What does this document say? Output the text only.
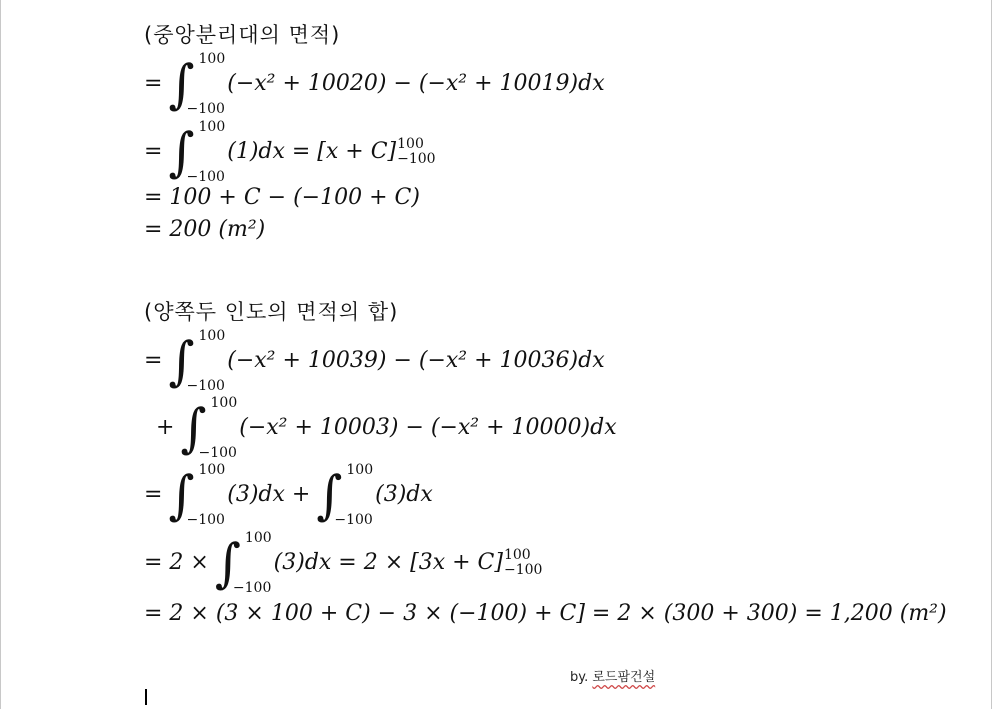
(중앙분리대의 면적)
= ∫ 100
−100
(−x² + 10020) − (−x² + 10019)dx
= ∫ 100
−100
(1)dx = [x + C] 100
−100
= 100 + C − (−100 + C)
= 200 (m²)
(양쪽두 인도의 면적의 합)
= ∫ 100
−100
(−x² + 10039) − (−x² + 10036)dx
+ ∫ 100
−100
(−x² + 10003) − (−x² + 10000)dx
= ∫ 100
−100
(3)dx + ∫ 100
−100
(3)dx
= 2 × ∫ 100
−100
(3)dx = 2 × [3x + C] 100
−100
= 2 × (3 × 100 + C) − 3 × (−100) + C] = 2 × (300 + 300) = 1,200 (m²)
by. 로드팜건설
